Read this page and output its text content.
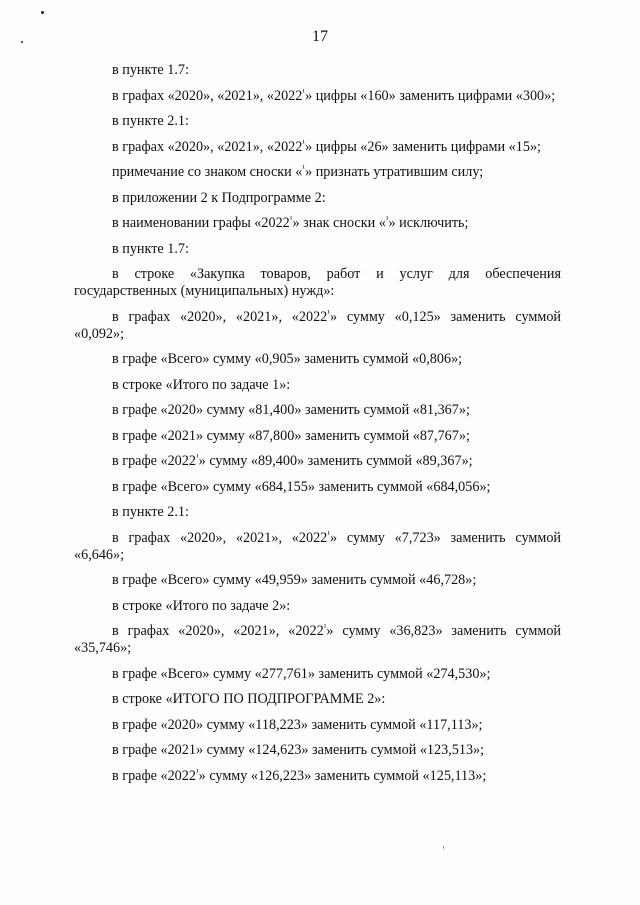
17

в пункте 1.7:

в графах «2020», «2021», «$2022^{^1}$» цифры «160» заменить цифрами «300»;

в пункте 2.1:

в графах «2020», «2021», «$2022^{^1}$» цифры «26» заменить цифрами «15»;

примечание со знаком сноски «$^{^1}$» признать утратившим силу;

в приложении 2 к Подпрограмме 2:

в наименовании графы «$2022^{^1}$» знак сноски «$^{^1}$» исключить;

в пункте 1.7:

в строке «Закупка товаров, работ и услуг для обеспечения государственных (муниципальных) нужд»:

в графах «2020», «2021», «$2022^{^1}$» сумму «0,125» заменить суммой «0,092»;

в графе «Всего» сумму «0,905» заменить суммой «0,806»;

в строке «Итого по задаче 1»:

в графе «2020» сумму «81,400» заменить суммой «81,367»;

в графе «2021» сумму «87,800» заменить суммой «87,767»;

в графе «$2022^{^1}$» сумму «89,400» заменить суммой «89,367»;

в графе «Всего» сумму «684,155» заменить суммой «684,056»;

в пункте 2.1:

в графах «2020», «2021», «$2022^{^1}$» сумму «7,723» заменить суммой «6,646»;

в графе «Всего» сумму «49,959» заменить суммой «46,728»;

в строке «Итого по задаче 2»:

в графах «2020», «2021», «$2022^{^1}$» сумму «36,823» заменить суммой «35,746»;

в графе «Всего» сумму «277,761» заменить суммой «274,530»;

в строке «ИТОГО ПО ПОДПРОГРАММЕ 2»:

в графе «2020» сумму «118,223» заменить суммой «117,113»;

в графе «2021» сумму «124,623» заменить суммой «123,513»;

в графе «$2022^{^1}$» сумму «126,223» заменить суммой «125,113»;
